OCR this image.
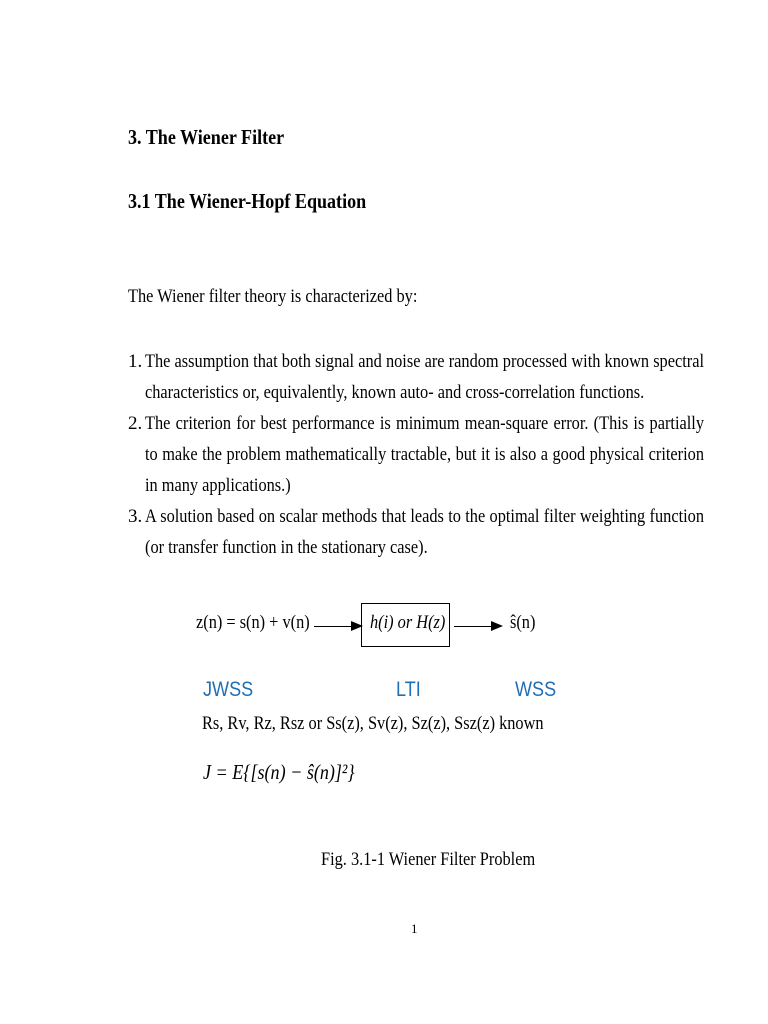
3. The Wiener Filter
3.1 The Wiener-Hopf Equation
The Wiener filter theory is characterized by:
1. The assumption that both signal and noise are random processed with known spectral characteristics or, equivalently, known auto- and cross-correlation functions.
2. The criterion for best performance is minimum mean-square error. (This is partially to make the problem mathematically tractable, but it is also a good physical criterion in many applications.)
3. A solution based on scalar methods that leads to the optimal filter weighting function (or transfer function in the stationary case).
z(n) = s(n) + v(n)	h(i) or H(z)	ŝ(n)
JWSS	LTI	WSS
Rs, Rv, Rz, Rsz or Ss(z), Sv(z), Sz(z), Ssz(z) known
J = E{[s(n) − ŝ(n)]²}
Fig. 3.1-1 Wiener Filter Problem
1
